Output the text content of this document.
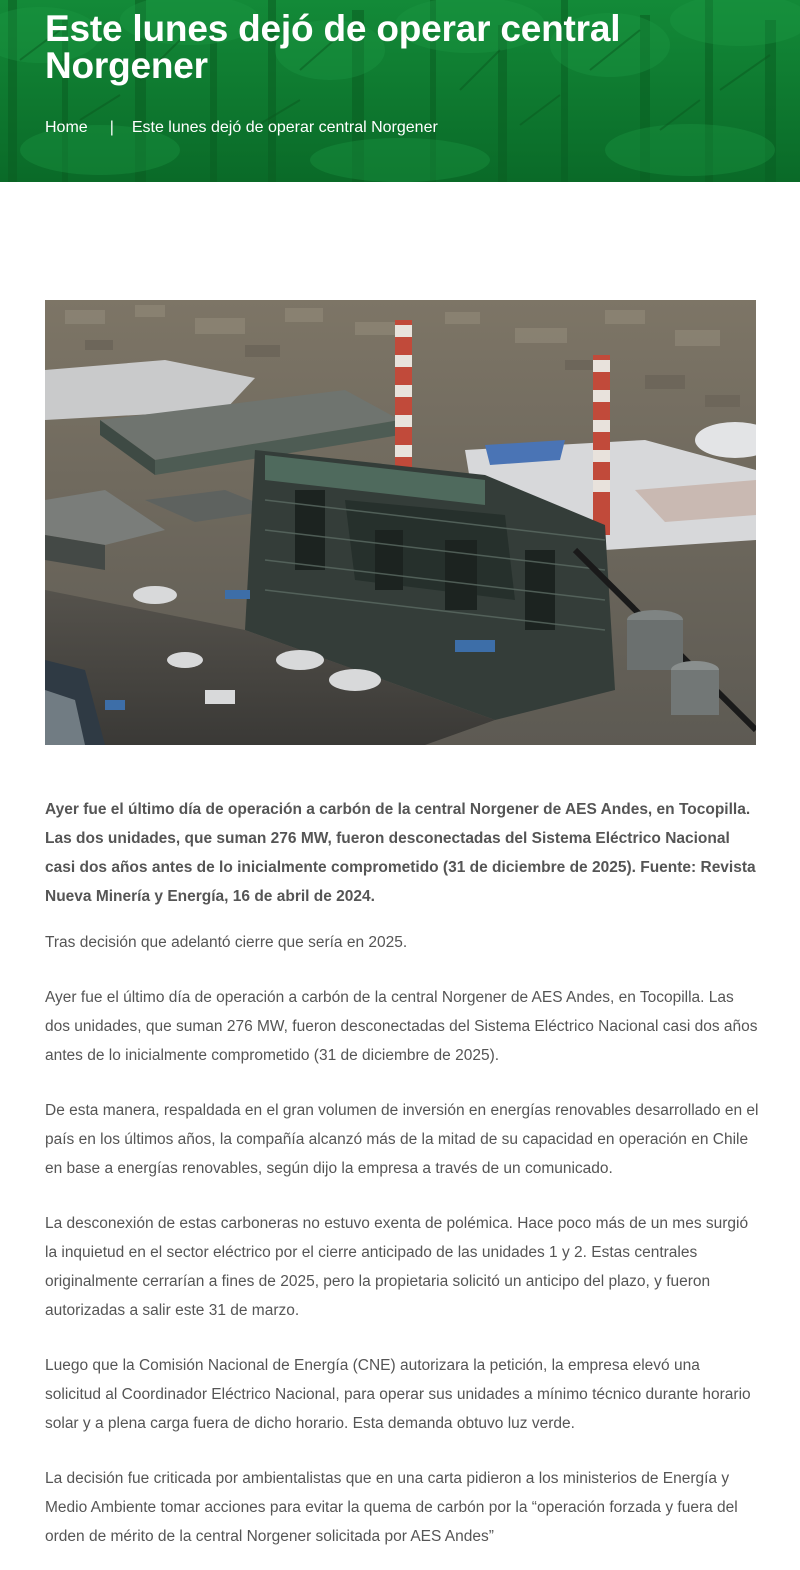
Este lunes dejó de operar central Norgener
Home | Este lunes dejó de operar central Norgener

Ayer fue el último día de operación a carbón de la central Norgener de AES Andes, en Tocopilla. Las dos unidades, que suman 276 MW, fueron desconectadas del Sistema Eléctrico Nacional casi dos años antes de lo inicialmente comprometido (31 de diciembre de 2025). Fuente: Revista Nueva Minería y Energía, 16 de abril de 2024.

Tras decisión que adelantó cierre que sería en 2025.

Ayer fue el último día de operación a carbón de la central Norgener de AES Andes, en Tocopilla. Las dos unidades, que suman 276 MW, fueron desconectadas del Sistema Eléctrico Nacional casi dos años antes de lo inicialmente comprometido (31 de diciembre de 2025).

De esta manera, respaldada en el gran volumen de inversión en energías renovables desarrollado en el país en los últimos años, la compañía alcanzó más de la mitad de su capacidad en operación en Chile en base a energías renovables, según dijo la empresa a través de un comunicado.

La desconexión de estas carboneras no estuvo exenta de polémica. Hace poco más de un mes surgió la inquietud en el sector eléctrico por el cierre anticipado de las unidades 1 y 2. Estas centrales originalmente cerrarían a fines de 2025, pero la propietaria solicitó un anticipo del plazo, y fueron autorizadas a salir este 31 de marzo.

Luego que la Comisión Nacional de Energía (CNE) autorizara la petición, la empresa elevó una solicitud al Coordinador Eléctrico Nacional, para operar sus unidades a mínimo técnico durante horario solar y a plena carga fuera de dicho horario. Esta demanda obtuvo luz verde.

La decisión fue criticada por ambientalistas que en una carta pidieron a los ministerios de Energía y Medio Ambiente tomar acciones para evitar la quema de carbón por la “operación forzada y fuera del orden de mérito de la central Norgener solicitada por AES Andes”
